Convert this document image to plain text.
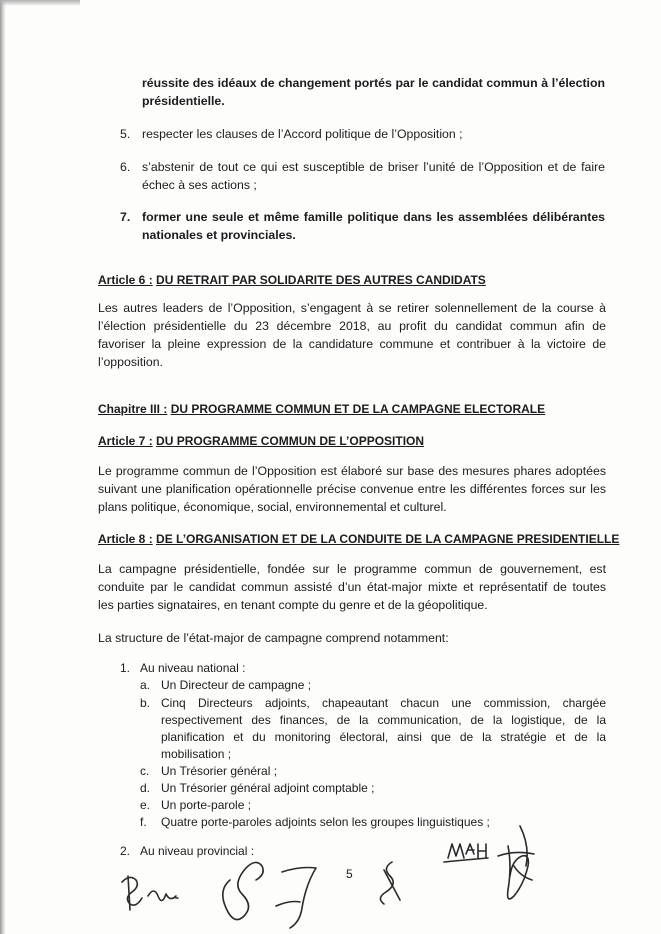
réussite des idéaux de changement portés par le candidat commun à l’élection

présidentielle.

5. respecter les clauses de l’Accord politique de l’Opposition ;

6. s’abstenir de tout ce qui est susceptible de briser l’unité de l’Opposition et de faire

échec à ses actions ;

7. former une seule et même famille politique dans les assemblées délibérantes

nationales et provinciales.

Article 6 : DU RETRAIT PAR SOLIDARITE DES AUTRES CANDIDATS

Les autres leaders de l’Opposition, s’engagent à se retirer solennellement de la course à

l’élection présidentielle du 23 décembre 2018, au profit du candidat commun afin de

favoriser la pleine expression de la candidature commune et contribuer à la victoire de

l’opposition.

Chapitre III : DU PROGRAMME COMMUN ET DE LA CAMPAGNE ELECTORALE
Article 7 : DU PROGRAMME COMMUN DE L’OPPOSITION

Le programme commun de l’Opposition est élaboré sur base des mesures phares adoptées

suivant une planification opérationnelle précise convenue entre les différentes forces sur les

plans politique, économique, social, environnemental et culturel.

Article 8 : DE L’ORGANISATION ET DE LA CONDUITE DE LA CAMPAGNE PRESIDENTIELLE

La campagne présidentielle, fondée sur le programme commun de gouvernement, est

conduite par le candidat commun assisté d’un état-major mixte et représentatif de toutes

les parties signataires, en tenant compte du genre et de la géopolitique.

La structure de l’état-major de campagne comprend notamment:

1. Au niveau national :
a. Un Directeur de campagne ;
b. Cinq Directeurs adjoints, chapeautant chacun une commission, chargée
respectivement des finances, de la communication, de la logistique, de la
planification et du monitoring électoral, ainsi que de la stratégie et de la
mobilisation ;
c. Un Trésorier général ;
d. Un Trésorier général adjoint comptable ;
e. Un porte-parole ;
f. Quatre porte-paroles adjoints selon les groupes linguistiques ;
2. Au niveau provincial :
5
